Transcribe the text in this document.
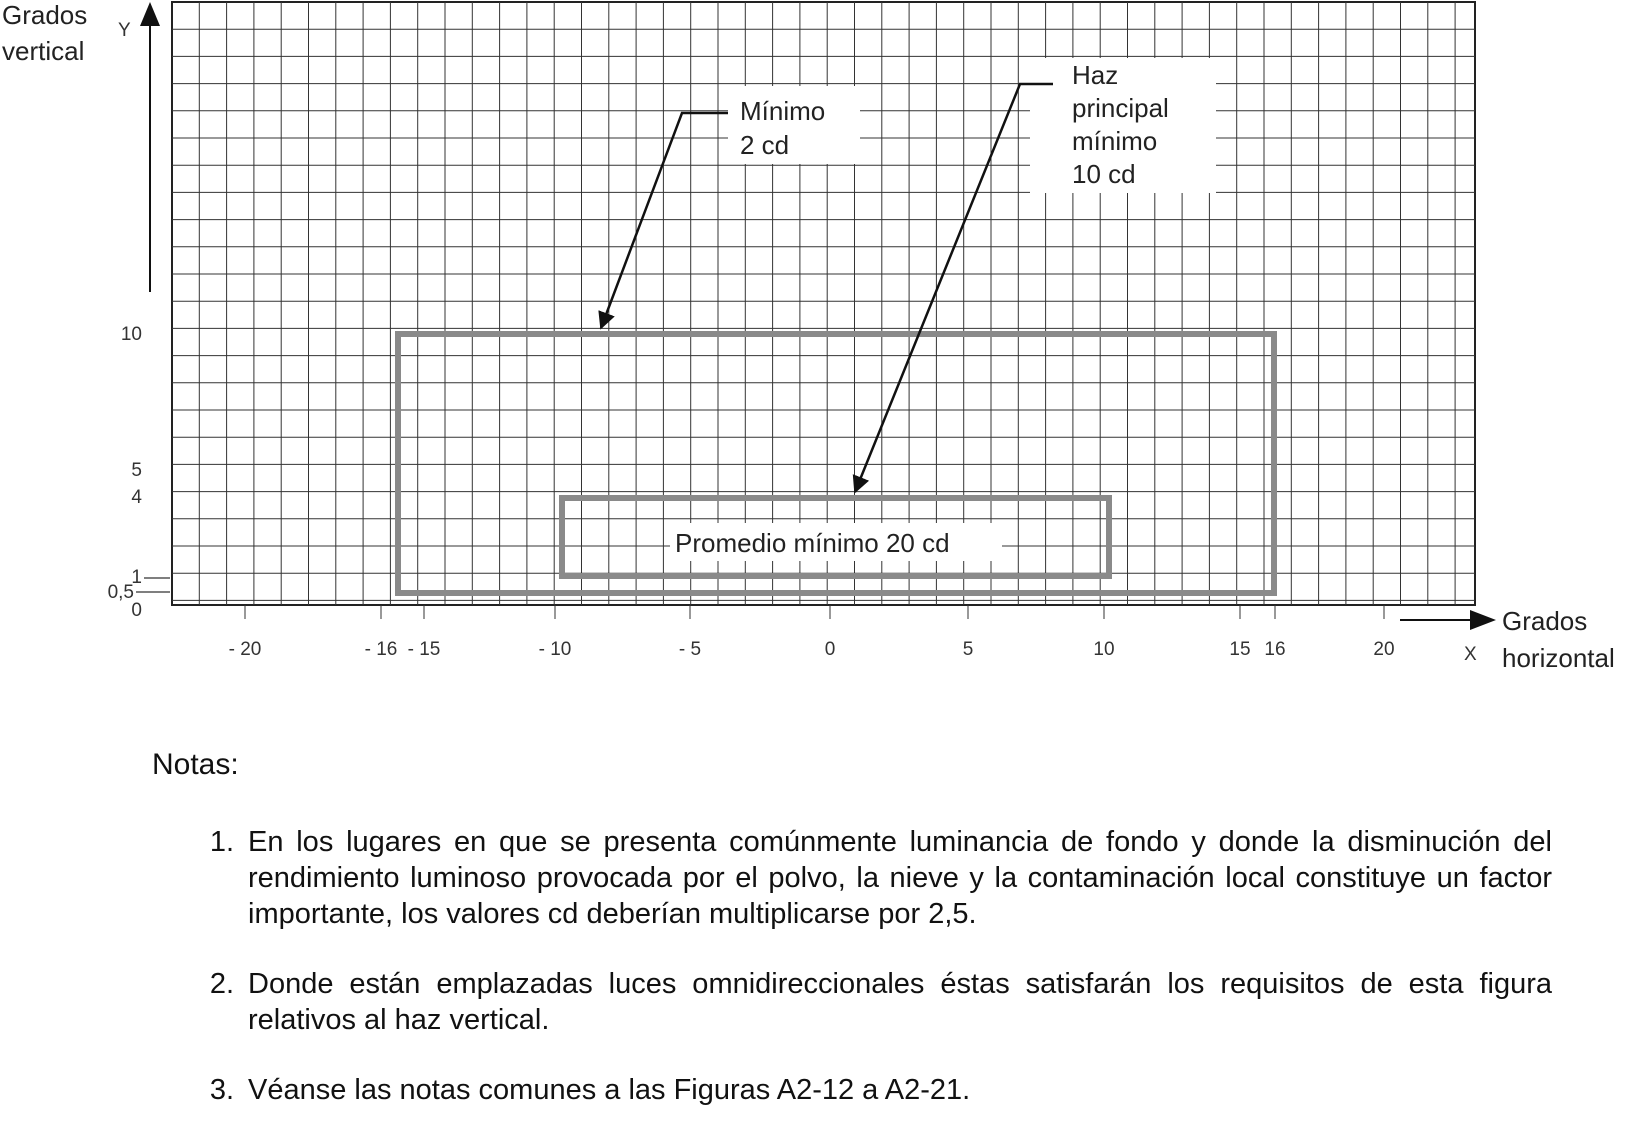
Promedio mínimo 20 cd
Mínimo 2 cd
Haz principal mínimo 10 cd
Grados vertical
Y
Grados horizontal
X
- 20	- 16 - 15	- 10	- 5	0	5	10	15 16	20
10
5
4
1
0,5
0
Notas:
1. En los lugares en que se presenta comúnmente luminancia de fondo y donde la disminución del rendimiento luminoso provocada por el polvo, la nieve y la contaminación local constituye un factor importante, los valores cd deberían multiplicarse por 2,5.
2. Donde están emplazadas luces omnidireccionales éstas satisfarán los requisitos de esta figura relativos al haz vertical.
3. Véanse las notas comunes a las Figuras A2-12 a A2-21.
